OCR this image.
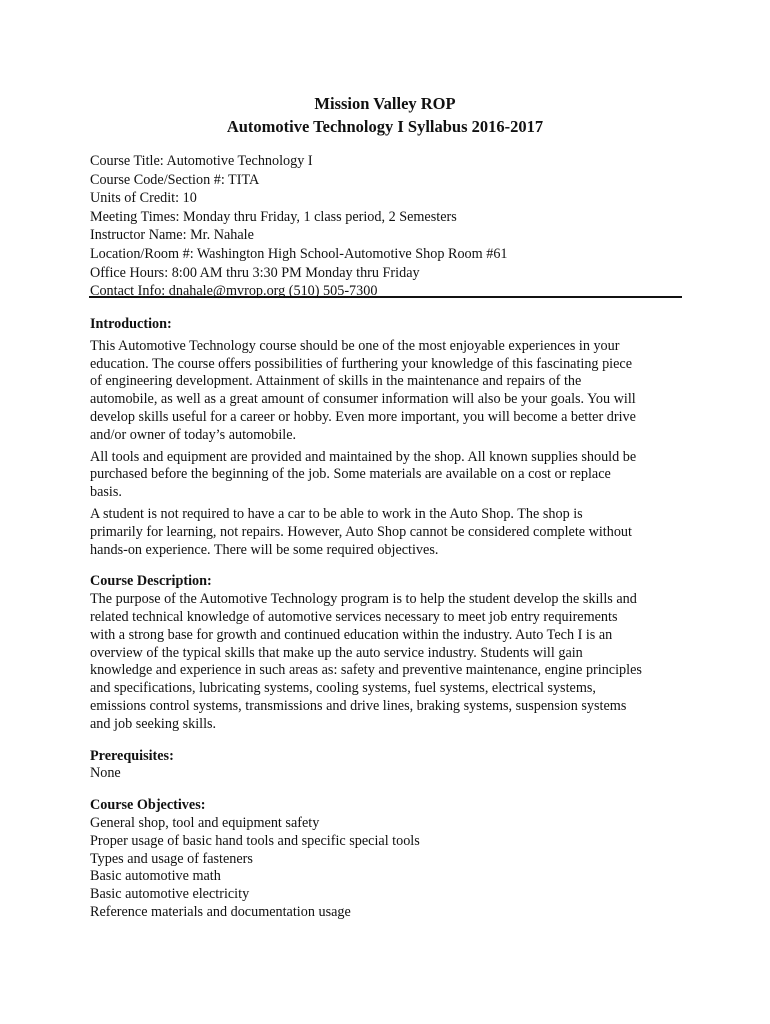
Mission Valley ROP
Automotive Technology I Syllabus 2016-2017
Course Title: Automotive Technology I
Course Code/Section #: TITA
Units of Credit: 10
Meeting Times: Monday thru Friday, 1 class period, 2 Semesters
Instructor Name: Mr. Nahale
Location/Room #: Washington High School-Automotive Shop Room #61
Office Hours: 8:00 AM thru 3:30 PM Monday thru Friday
Contact Info: dnahale@mvrop.org (510) 505-7300
Introduction:
This Automotive Technology course should be one of the most enjoyable experiences in your
education. The course offers possibilities of furthering your knowledge of this fascinating piece
of engineering development. Attainment of skills in the maintenance and repairs of the
automobile, as well as a great amount of consumer information will also be your goals. You will
develop skills useful for a career or hobby. Even more important, you will become a better drive
and/or owner of today’s automobile.
All tools and equipment are provided and maintained by the shop. All known supplies should be
purchased before the beginning of the job. Some materials are available on a cost or replace
basis.
A student is not required to have a car to be able to work in the Auto Shop. The shop is
primarily for learning, not repairs. However, Auto Shop cannot be considered complete without
hands-on experience. There will be some required objectives.
Course Description:
The purpose of the Automotive Technology program is to help the student develop the skills and
related technical knowledge of automotive services necessary to meet job entry requirements
with a strong base for growth and continued education within the industry. Auto Tech I is an
overview of the typical skills that make up the auto service industry. Students will gain
knowledge and experience in such areas as: safety and preventive maintenance, engine principles
and specifications, lubricating systems, cooling systems, fuel systems, electrical systems,
emissions control systems, transmissions and drive lines, braking systems, suspension systems
and job seeking skills.
Prerequisites:
None
Course Objectives:
General shop, tool and equipment safety
Proper usage of basic hand tools and specific special tools
Types and usage of fasteners
Basic automotive math
Basic automotive electricity
Reference materials and documentation usage
